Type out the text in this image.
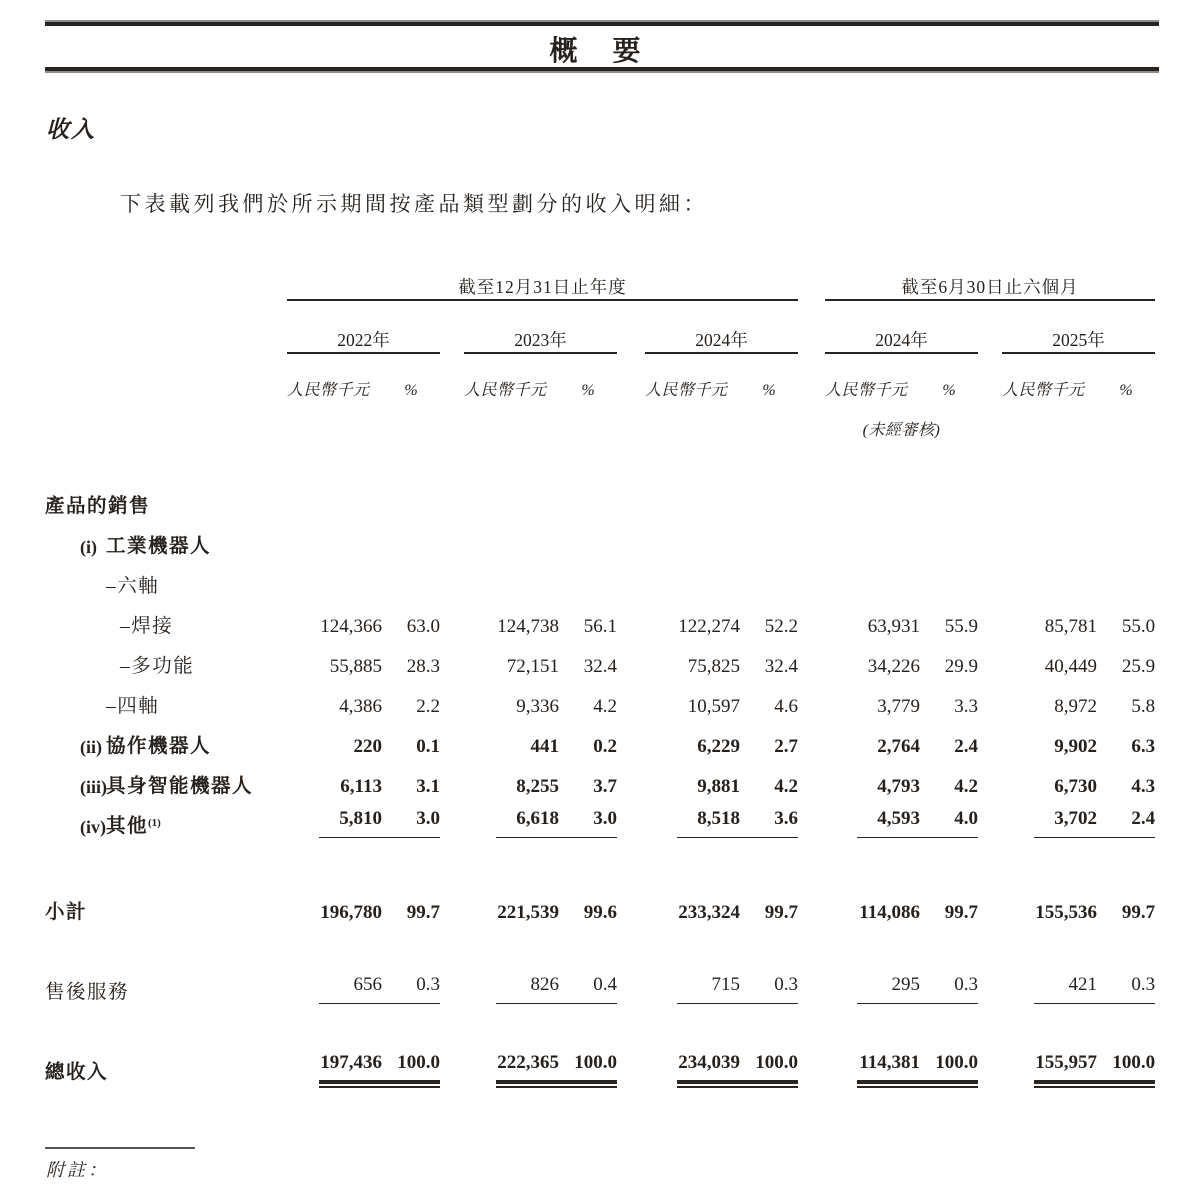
概 要
收入
下表載列我們於所示期間按產品類型劃分的收入明細：
	截至12月31日止年度									截至6月30日止六個月				
	2022年			2023年			2024年			2024年			2025年	
	人民幣千元	%		人民幣千元	%		人民幣千元	%		人民幣千元	%		人民幣千元	%
										(未經審核)				
產品的銷售														

(i) 工業機器人														
–六軸														
–焊接	124,366	63.0		124,738	56.1		122,274	52.2		63,931	55.9		85,781	55.0
–多功能	55,885	28.3		72,151	32.4		75,825	32.4		34,226	29.9		40,449	25.9
–四軸	4,386	2.2		9,336	4.2		10,597	4.6		3,779	3.3		8,972	5.8

(ii) 協作機器人	220	0.1		441	0.2		6,229	2.7		2,764	2.4		9,902	6.3

(iii) 具身智能機器人	6,113	3.1		8,255	3.7		9,881	4.2		4,793	4.2		6,730	4.3

(iv) 其他$^{(1)}$	5,810	3.0		6,618	3.0		8,518	3.6		4,593	4.0		3,702	2.4

小計	196,780	99.7		221,539	99.6		233,324	99.7		114,086	99.7		155,536	99.7

售後服務	656	0.3		826	0.4		715	0.3		295	0.3		421	0.3

總收入	197,436	100.0		222,365	100.0		234,039	100.0		114,381	100.0		155,957	100.0
附註：
